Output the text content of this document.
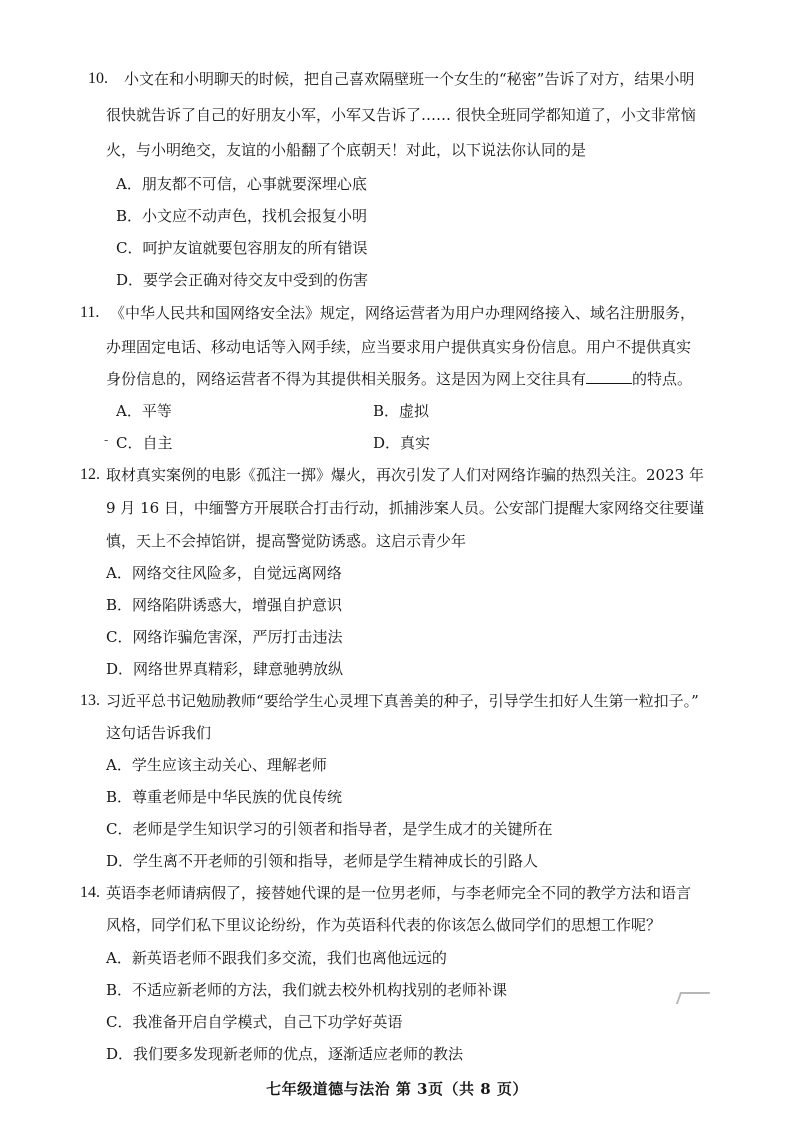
10. 小文在和小明聊天的时候，把自己喜欢隔壁班一个女生的“秘密”告诉了对方，结果小明
很快就告诉了自己的好朋友小军，小军又告诉了…… 很快全班同学都知道了，小文非常恼
火，与小明绝交，友谊的小船翻了个底朝天！对此，以下说法你认同的是
A．朋友都不可信，心事就要深埋心底
B．小文应不动声色，找机会报复小明
C．呵护友谊就要包容朋友的所有错误
D．要学会正确对待交友中受到的伤害
11. 《中华人民共和国网络安全法》规定，网络运营者为用户办理网络接入、域名注册服务，
办理固定电话、移动电话等入网手续，应当要求用户提供真实身份信息。用户不提供真实
身份信息的，网络运营者不得为其提供相关服务。这是因为网上交往具有	的特点。
A．平等	B．虚拟
C．自主	D．真实
-
12. 取材真实案例的电影《孤注一掷》爆火，再次引发了人们对网络诈骗的热烈关注。2023 年
9 月 16 日，中缅警方开展联合打击行动，抓捕涉案人员。公安部门提醒大家网络交往要谨
慎，天上不会掉馅饼，提高警觉防诱惑。这启示青少年
A．网络交往风险多，自觉远离网络
B．网络陷阱诱惑大，增强自护意识
C．网络诈骗危害深，严厉打击违法
D．网络世界真精彩，肆意驰骋放纵
13. 习近平总书记勉励教师“要给学生心灵埋下真善美的种子，引导学生扣好人生第一粒扣子。”
这句话告诉我们
A．学生应该主动关心、理解老师
B．尊重老师是中华民族的优良传统
C．老师是学生知识学习的引领者和指导者，是学生成才的关键所在
D．学生离不开老师的引领和指导，老师是学生精神成长的引路人
14. 英语李老师请病假了，接替她代课的是一位男老师，与李老师完全不同的教学方法和语言
风格，同学们私下里议论纷纷，作为英语科代表的你该怎么做同学们的思想工作呢？
A．新英语老师不跟我们多交流，我们也离他远远的
B．不适应新老师的方法，我们就去校外机构找别的老师补课
C．我准备开启自学模式，自己下功学好英语
D．我们要多发现新老师的优点，逐渐适应老师的教法
七年级道德与法治 第 3页（共 8 页）
